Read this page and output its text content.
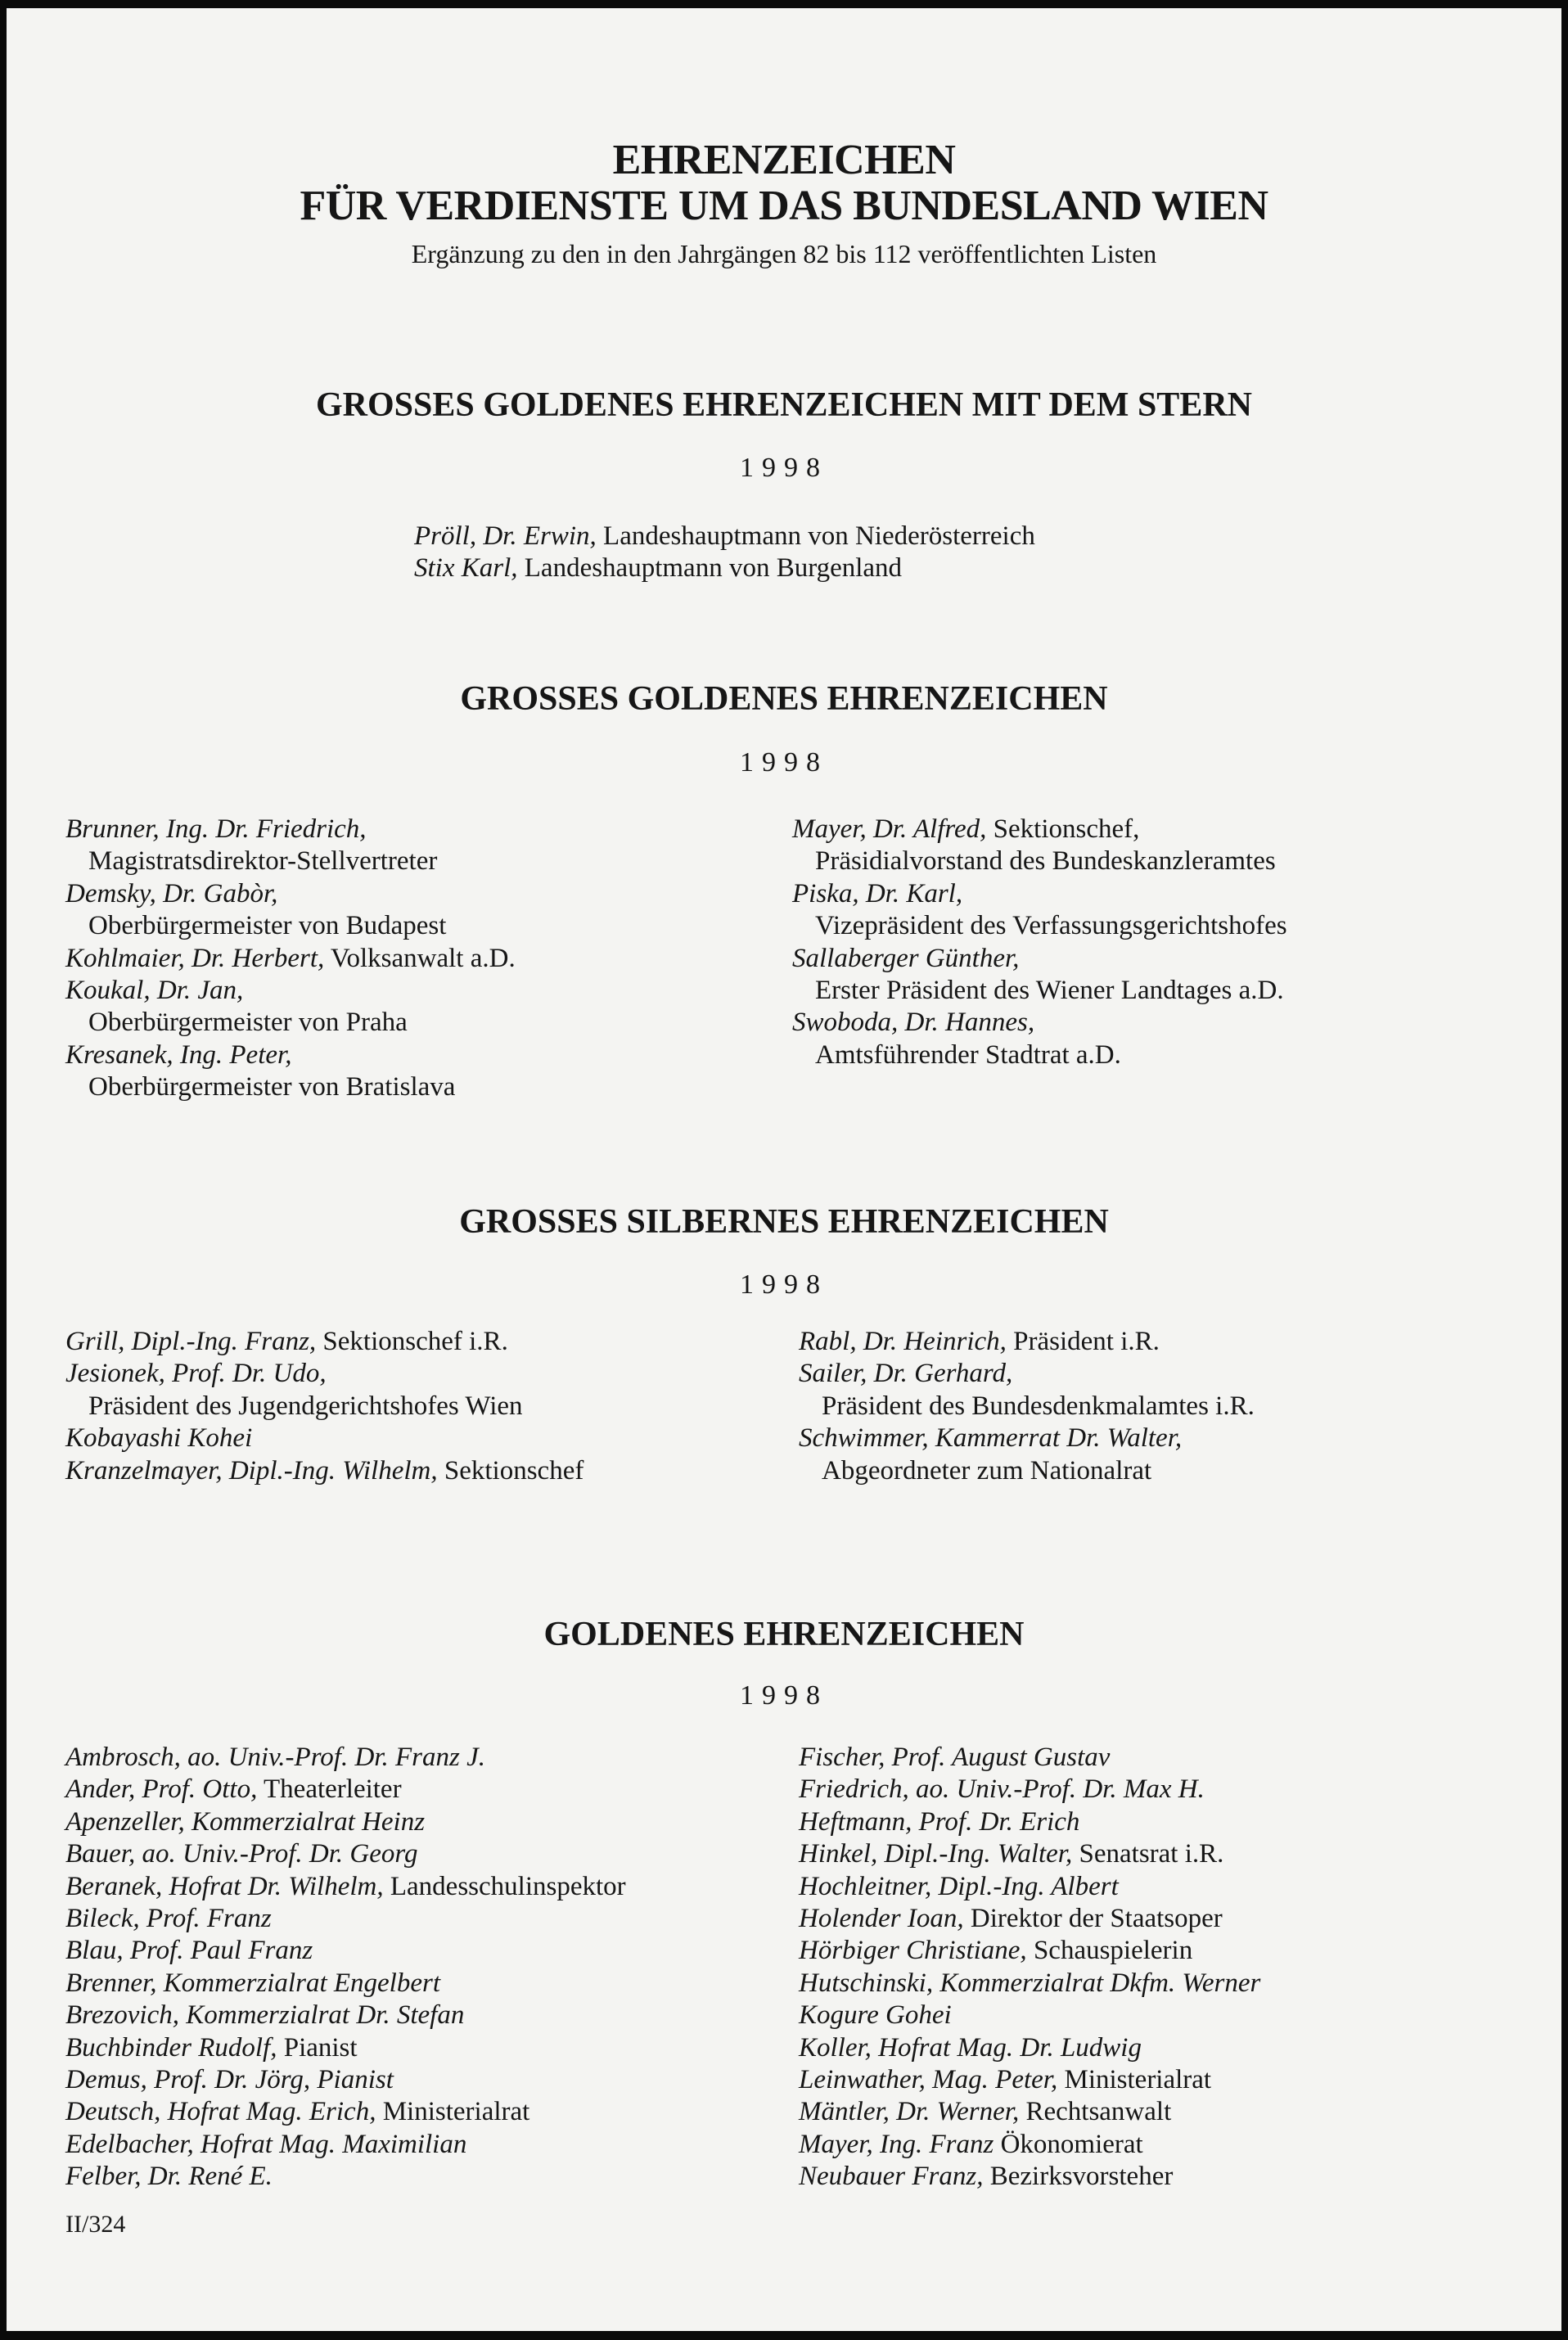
EHRENZEICHEN
FÜR VERDIENSTE UM DAS BUNDESLAND WIEN
Ergänzung zu den in den Jahrgängen 82 bis 112 veröffentlichten Listen
GROSSES GOLDENES EHRENZEICHEN MIT DEM STERN
1998
Pröll, Dr. Erwin, Landeshauptmann von Niederösterreich
Stix Karl, Landeshauptmann von Burgenland
GROSSES GOLDENES EHRENZEICHEN
1998
Brunner, Ing. Dr. Friedrich,
Magistratsdirektor-Stellvertreter
Demsky, Dr. Gabòr,
Oberbürgermeister von Budapest
Kohlmaier, Dr. Herbert, Volksanwalt a.D.
Koukal, Dr. Jan,
Oberbürgermeister von Praha
Kresanek, Ing. Peter,
Oberbürgermeister von Bratislava
Mayer, Dr. Alfred, Sektionschef,
Präsidialvorstand des Bundeskanzleramtes
Piska, Dr. Karl,
Vizepräsident des Verfassungsgerichtshofes
Sallaberger Günther,
Erster Präsident des Wiener Landtages a.D.
Swoboda, Dr. Hannes,
Amtsführender Stadtrat a.D.
GROSSES SILBERNES EHRENZEICHEN
1998
Grill, Dipl.-Ing. Franz, Sektionschef i.R.
Jesionek, Prof. Dr. Udo,
Präsident des Jugendgerichtshofes Wien
Kobayashi Kohei
Kranzelmayer, Dipl.-Ing. Wilhelm, Sektionschef
Rabl, Dr. Heinrich, Präsident i.R.
Sailer, Dr. Gerhard,
Präsident des Bundesdenkmalamtes i.R.
Schwimmer, Kammerrat Dr. Walter,
Abgeordneter zum Nationalrat
GOLDENES EHRENZEICHEN
1998
Ambrosch, ao. Univ.-Prof. Dr. Franz J.
Ander, Prof. Otto, Theaterleiter
Apenzeller, Kommerzialrat Heinz
Bauer, ao. Univ.-Prof. Dr. Georg
Beranek, Hofrat Dr. Wilhelm, Landesschulinspektor
Bileck, Prof. Franz
Blau, Prof. Paul Franz
Brenner, Kommerzialrat Engelbert
Brezovich, Kommerzialrat Dr. Stefan
Buchbinder Rudolf, Pianist
Demus, Prof. Dr. Jörg, Pianist
Deutsch, Hofrat Mag. Erich, Ministerialrat
Edelbacher, Hofrat Mag. Maximilian
Felber, Dr. René E.
Fischer, Prof. August Gustav
Friedrich, ao. Univ.-Prof. Dr. Max H.
Heftmann, Prof. Dr. Erich
Hinkel, Dipl.-Ing. Walter, Senatsrat i.R.
Hochleitner, Dipl.-Ing. Albert
Holender Ioan, Direktor der Staatsoper
Hörbiger Christiane, Schauspielerin
Hutschinski, Kommerzialrat Dkfm. Werner
Kogure Gohei
Koller, Hofrat Mag. Dr. Ludwig
Leinwather, Mag. Peter, Ministerialrat
Mäntler, Dr. Werner, Rechtsanwalt
Mayer, Ing. Franz Ökonomierat
Neubauer Franz, Bezirksvorsteher
II/324
